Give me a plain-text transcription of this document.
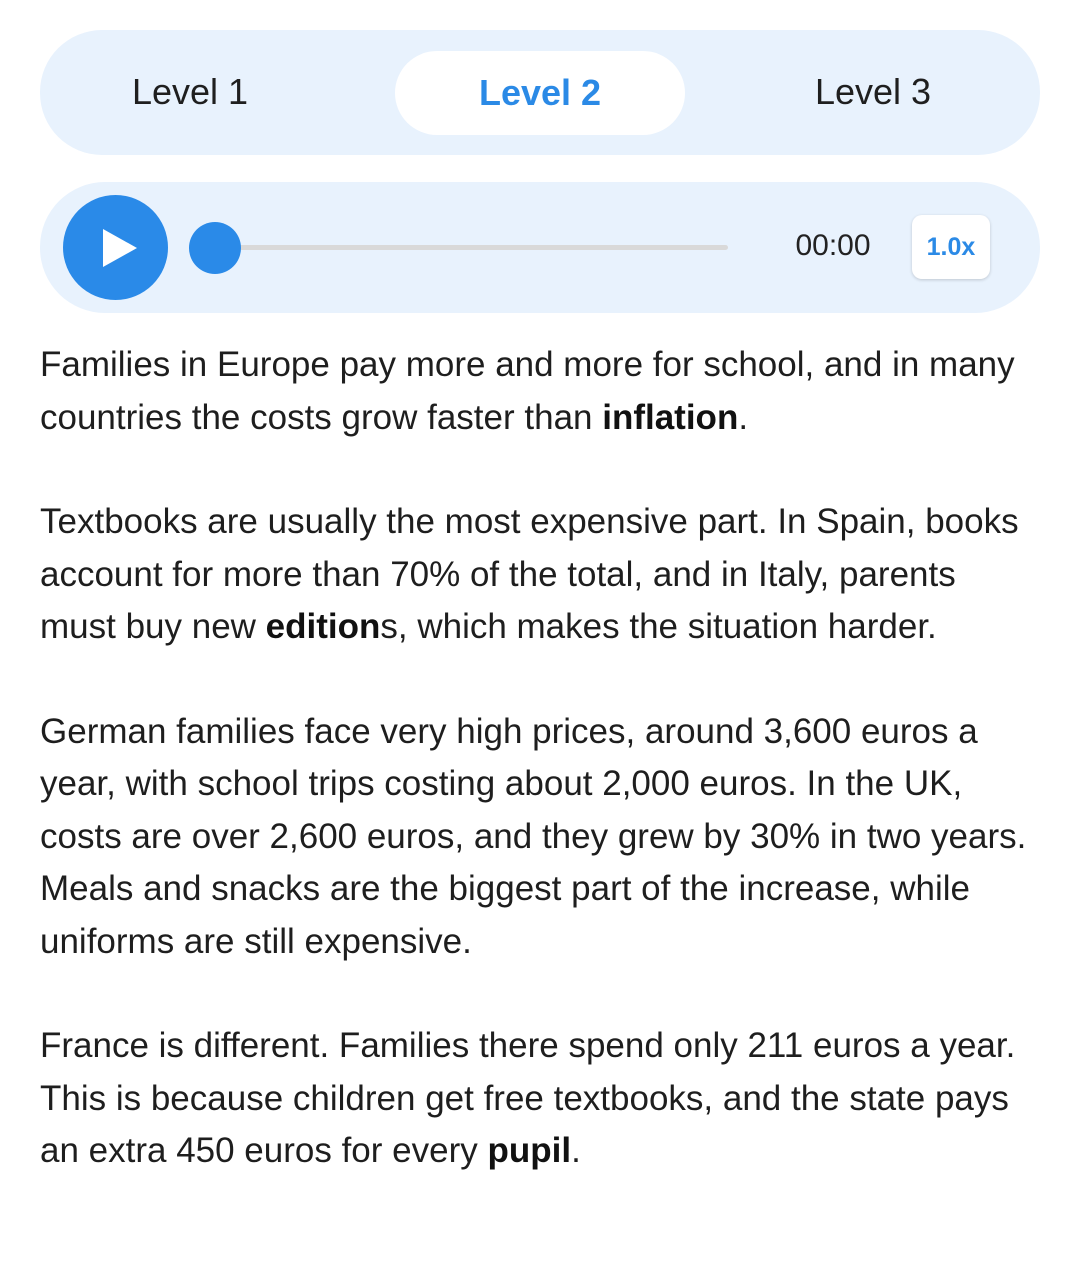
Level 1	Level 2	Level 3
00:00	1.0x

Families in Europe pay more and more for school, and in many countries the costs grow faster than inflation.

Textbooks are usually the most expensive part. In Spain, books account for more than 70% of the total, and in Italy, parents must buy new editions, which makes the situation harder.

German families face very high prices, around 3,600 euros a year, with school trips costing about 2,000 euros. In the UK, costs are over 2,600 euros, and they grew by 30% in two years. Meals and snacks are the biggest part of the increase, while uniforms are still expensive.

France is different. Families there spend only 211 euros a year. This is because children get free textbooks, and the state pays an extra 450 euros for every pupil.
